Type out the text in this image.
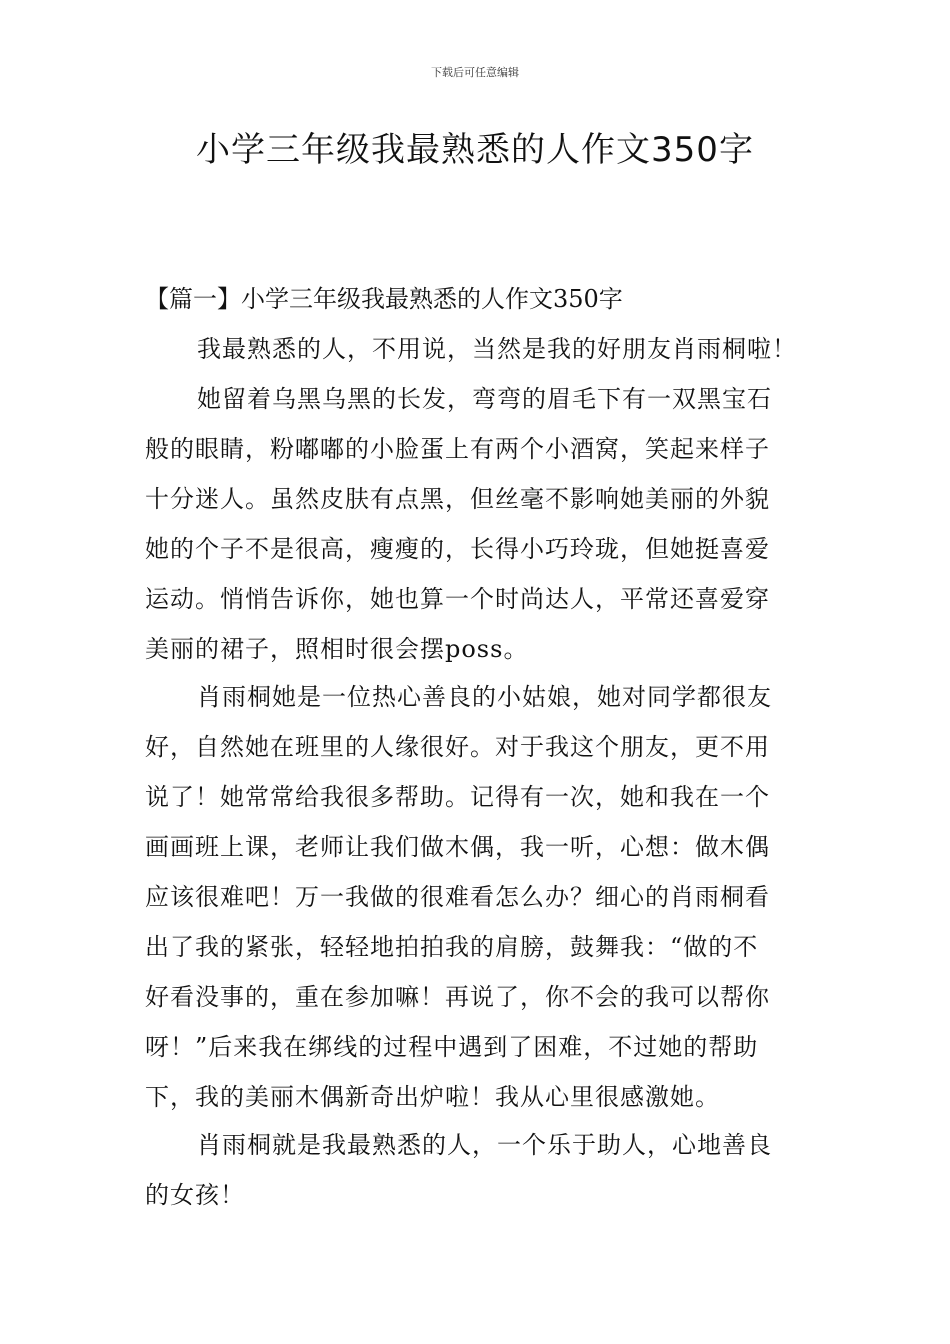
下载后可任意编辑
小学三年级我最熟悉的人作文350字
【篇一】小学三年级我最熟悉的人作文350字
我最熟悉的人，不用说，当然是我的好朋友肖雨桐啦！
她留着乌黑乌黑的长发，弯弯的眉毛下有一双黑宝石
般的眼睛，粉嘟嘟的小脸蛋上有两个小酒窝，笑起来样子
十分迷人。虽然皮肤有点黑，但丝毫不影响她美丽的外貌
她的个子不是很高，瘦瘦的，长得小巧玲珑，但她挺喜爱
运动。悄悄告诉你，她也算一个时尚达人，平常还喜爱穿
美丽的裙子，照相时很会摆poss。
肖雨桐她是一位热心善良的小姑娘，她对同学都很友
好，自然她在班里的人缘很好。对于我这个朋友，更不用
说了！她常常给我很多帮助。记得有一次，她和我在一个
画画班上课，老师让我们做木偶，我一听，心想：做木偶
应该很难吧！万一我做的很难看怎么办？细心的肖雨桐看
出了我的紧张，轻轻地拍拍我的肩膀，鼓舞我：“做的不
好看没事的，重在参加嘛！再说了，你不会的我可以帮你
呀！”后来我在绑线的过程中遇到了困难，不过她的帮助
下，我的美丽木偶新奇出炉啦！我从心里很感激她。
肖雨桐就是我最熟悉的人，一个乐于助人，心地善良
的女孩！
